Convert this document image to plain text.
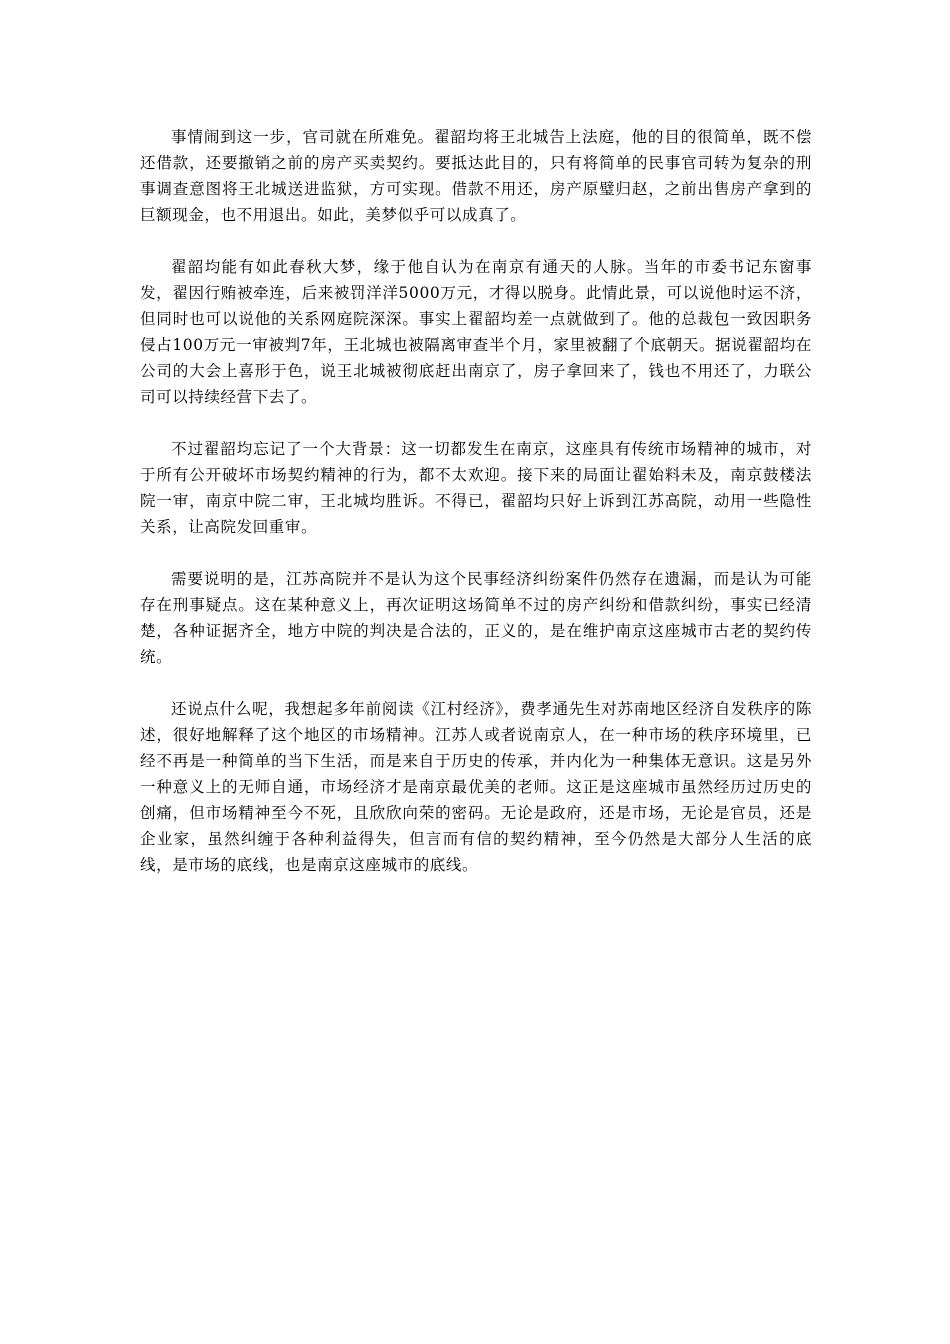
事情闹到这一步，官司就在所难免。翟韶均将王北城告上法庭，他的目的很简单，既不偿还借款，还要撤销之前的房产买卖契约。要抵达此目的，只有将简单的民事官司转为复杂的刑事调查意图将王北城送进监狱，方可实现。借款不用还，房产原璧归赵，之前出售房产拿到的巨额现金，也不用退出。如此，美梦似乎可以成真了。

翟韶均能有如此春秋大梦，缘于他自认为在南京有通天的人脉。当年的市委书记东窗事发，翟因行贿被牵连，后来被罚洋洋5000万元，才得以脱身。此情此景，可以说他时运不济，但同时也可以说他的关系网庭院深深。事实上翟韶均差一点就做到了。他的总裁包一致因职务侵占100万元一审被判7年，王北城也被隔离审查半个月，家里被翻了个底朝天。据说翟韶均在公司的大会上喜形于色，说王北城被彻底赶出南京了，房子拿回来了，钱也不用还了，力联公司可以持续经营下去了。

不过翟韶均忘记了一个大背景：这一切都发生在南京，这座具有传统市场精神的城市，对于所有公开破坏市场契约精神的行为，都不太欢迎。接下来的局面让翟始料未及，南京鼓楼法院一审，南京中院二审，王北城均胜诉。不得已，翟韶均只好上诉到江苏高院，动用一些隐性关系，让高院发回重审。

需要说明的是，江苏高院并不是认为这个民事经济纠纷案件仍然存在遗漏，而是认为可能存在刑事疑点。这在某种意义上，再次证明这场简单不过的房产纠纷和借款纠纷，事实已经清楚，各种证据齐全，地方中院的判决是合法的，正义的，是在维护南京这座城市古老的契约传统。

还说点什么呢，我想起多年前阅读《江村经济》，费孝通先生对苏南地区经济自发秩序的陈述，很好地解释了这个地区的市场精神。江苏人或者说南京人，在一种市场的秩序环境里，已经不再是一种简单的当下生活，而是来自于历史的传承，并内化为一种集体无意识。这是另外一种意义上的无师自通，市场经济才是南京最优美的老师。这正是这座城市虽然经历过历史的创痛，但市场精神至今不死，且欣欣向荣的密码。无论是政府，还是市场，无论是官员，还是企业家，虽然纠缠于各种利益得失，但言而有信的契约精神，至今仍然是大部分人生活的底线，是市场的底线，也是南京这座城市的底线。
